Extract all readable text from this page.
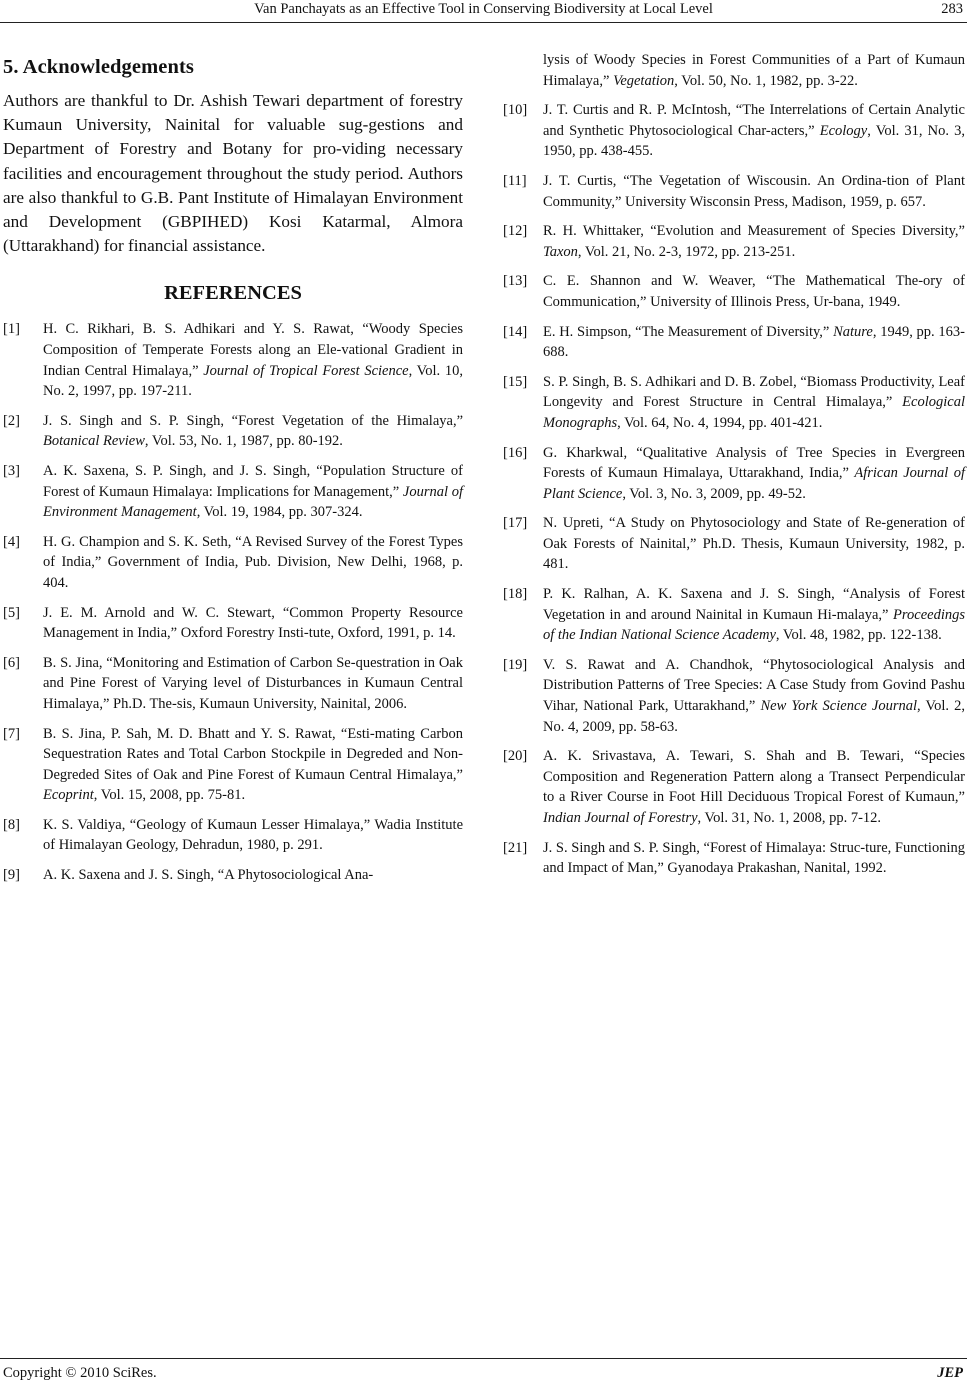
Van Panchayats as an Effective Tool in Conserving Biodiversity at Local Level	283
5. Acknowledgements

Authors are thankful to Dr. Ashish Tewari department of forestry Kumaun University, Nainital for valuable sug-gestions and Department of Forestry and Botany for pro-viding necessary facilities and encouragement throughout the study period. Authors are also thankful to G.B. Pant Institute of Himalayan Environment and Development (GBPIHED) Kosi Katarmal, Almora (Uttarakhand) for financial assistance.

REFERENCES
[1]	H. C. Rikhari, B. S. Adhikari and Y. S. Rawat, “Woody Species Composition of Temperate Forests along an Ele-vational Gradient in Indian Central Himalaya,” Journal of Tropical Forest Science, Vol. 10, No. 2, 1997, pp. 197-211.
[2]	J. S. Singh and S. P. Singh, “Forest Vegetation of the Himalaya,” Botanical Review, Vol. 53, No. 1, 1987, pp. 80-192.
[3]	A. K. Saxena, S. P. Singh, and J. S. Singh, “Population Structure of Forest of Kumaun Himalaya: Implications for Management,” Journal of Environment Management, Vol. 19, 1984, pp. 307-324.
[4]	H. G. Champion and S. K. Seth, “A Revised Survey of the Forest Types of India,” Government of India, Pub. Division, New Delhi, 1968, p. 404.
[5]	J. E. M. Arnold and W. C. Stewart, “Common Property Resource Management in India,” Oxford Forestry Insti-tute, Oxford, 1991, p. 14.
[6]	B. S. Jina, “Monitoring and Estimation of Carbon Se-questration in Oak and Pine Forest of Varying level of Disturbances in Kumaun Central Himalaya,” Ph.D. The-sis, Kumaun University, Nainital, 2006.
[7]	B. S. Jina, P. Sah, M. D. Bhatt and Y. S. Rawat, “Esti-mating Carbon Sequestration Rates and Total Carbon Stockpile in Degreded and Non-Degreded Sites of Oak and Pine Forest of Kumaun Central Himalaya,” Ecoprint, Vol. 15, 2008, pp. 75-81.
[8]	K. S. Valdiya, “Geology of Kumaun Lesser Himalaya,” Wadia Institute of Himalayan Geology, Dehradun, 1980, p. 291.
[9]	A. K. Saxena and J. S. Singh, “A Phytosociological Ana-
lysis of Woody Species in Forest Communities of a Part of Kumaun Himalaya,” Vegetation, Vol. 50, No. 1, 1982, pp. 3-22.
[10]	J. T. Curtis and R. P. McIntosh, “The Interrelations of Certain Analytic and Synthetic Phytosociological Char-acters,” Ecology, Vol. 31, No. 3, 1950, pp. 438-455.
[11]	J. T. Curtis, “The Vegetation of Wiscousin. An Ordina-tion of Plant Community,” University Wisconsin Press, Madison, 1959, p. 657.
[12]	R. H. Whittaker, “Evolution and Measurement of Species Diversity,” Taxon, Vol. 21, No. 2-3, 1972, pp. 213-251.
[13]	C. E. Shannon and W. Weaver, “The Mathematical The-ory of Communication,” University of Illinois Press, Ur-bana, 1949.
[14]	E. H. Simpson, “The Measurement of Diversity,” Nature, 1949, pp. 163-688.
[15]	S. P. Singh, B. S. Adhikari and D. B. Zobel, “Biomass Productivity, Leaf Longevity and Forest Structure in Central Himalaya,” Ecological Monographs, Vol. 64, No. 4, 1994, pp. 401-421.
[16]	G. Kharkwal, “Qualitative Analysis of Tree Species in Evergreen Forests of Kumaun Himalaya, Uttarakhand, India,” African Journal of Plant Science, Vol. 3, No. 3, 2009, pp. 49-52.
[17]	N. Upreti, “A Study on Phytosociology and State of Re-generation of Oak Forests of Nainital,” Ph.D. Thesis, Kumaun University, 1982, p. 481.
[18]	P. K. Ralhan, A. K. Saxena and J. S. Singh, “Analysis of Forest Vegetation in and around Nainital in Kumaun Hi-malaya,” Proceedings of the Indian National Science Academy, Vol. 48, 1982, pp. 122-138.
[19]	V. S. Rawat and A. Chandhok, “Phytosociological Analysis and Distribution Patterns of Tree Species: A Case Study from Govind Pashu Vihar, National Park, Uttarakhand,” New York Science Journal, Vol. 2, No. 4, 2009, pp. 58-63.
[20]	A. K. Srivastava, A. Tewari, S. Shah and B. Tewari, “Species Composition and Regeneration Pattern along a Transect Perpendicular to a River Course in Foot Hill Deciduous Tropical Forest of Kumaun,” Indian Journal of Forestry, Vol. 31, No. 1, 2008, pp. 7-12.
[21]	J. S. Singh and S. P. Singh, “Forest of Himalaya: Struc-ture, Functioning and Impact of Man,” Gyanodaya Prakashan, Nanital, 1992.
Copyright © 2010 SciRes.	JEP
